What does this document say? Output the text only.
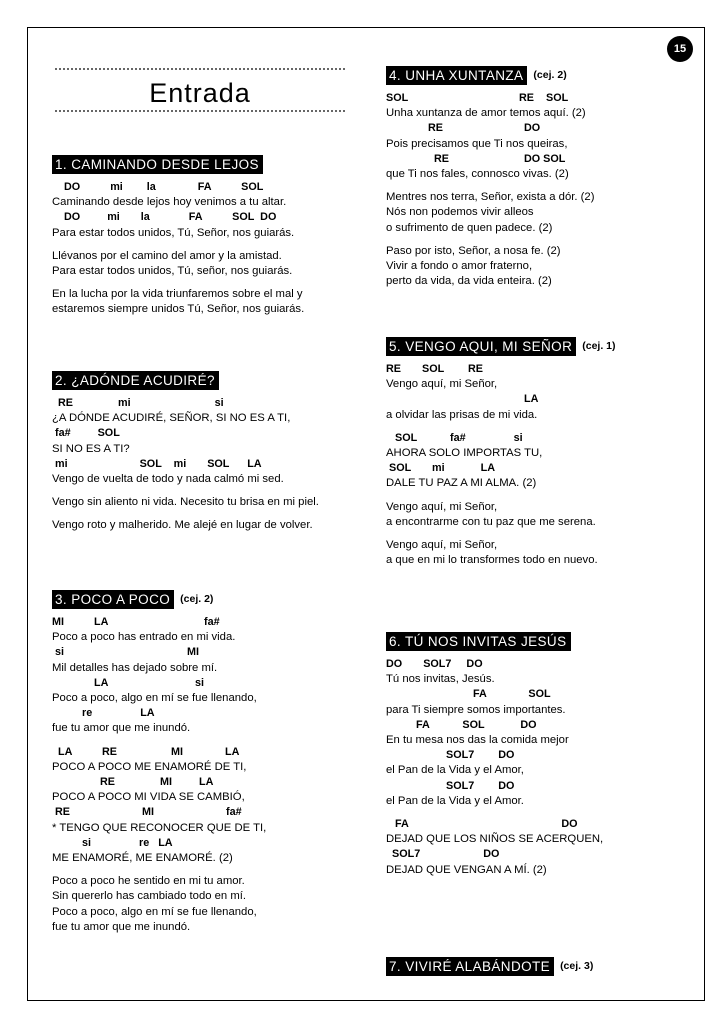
15
Entrada
1. CAMINANDO DESDE LEJOS
DO          mi        la              FA          SOL
Caminando desde lejos hoy venimos a tu altar.
DO         mi       la             FA          SOL  DO
Para estar todos unidos, Tú, Señor, nos guiarás.
Llévanos por el camino del amor y la amistad.
Para estar todos unidos, Tú, señor, nos guiarás.
En la lucha por la vida triunfaremos sobre el mal y
estaremos siempre unidos Tú, Señor, nos guiarás.
2. ¿ADÓNDE ACUDIRÉ?
RE               mi                            si
¿A DÓNDE ACUDIRÉ, SEÑOR, SI NO ES A TI,
fa#         SOL
SI NO ES A TI?
mi                        SOL    mi       SOL      LA
Vengo de vuelta de todo y nada calmó mi sed.
Vengo sin aliento ni vida. Necesito tu brisa en mi piel.
Vengo roto y malherido. Me alejé en lugar de volver.
3. POCO A POCO (cej. 2)
MI          LA                                fa#
Poco a poco has entrado en mi vida.
si                                         MI
Mil detalles has dejado sobre mí.
LA                             si
Poco a poco, algo en mí se fue llenando,
re                LA
fue tu amor que me inundó.
LA          RE                  MI              LA
POCO A POCO ME ENAMORÉ DE TI,
RE               MI         LA
POCO A POCO MI VIDA SE CAMBIÓ,
RE                        MI                        fa#
* TENGO QUE RECONOCER QUE DE TI,
si                re   LA
ME ENAMORÉ, ME ENAMORÉ. (2)
Poco a poco he sentido en mi tu amor.
Sin quererlo has cambiado todo en mí.
Poco a poco, algo en mí se fue llenando,
fue tu amor que me inundó.
4. UNHA XUNTANZA (cej. 2)
SOL                                     RE    SOL
Unha xuntanza de amor temos aquí. (2)
RE                           DO
Pois precisamos que Ti nos queiras,
RE                         DO SOL
que Ti nos fales, connosco vivas. (2)
Mentres nos terra, Señor, exista a dór. (2)
Nós non podemos vivir alleos
o sufrimento de quen padece. (2)
Paso por isto, Señor, a nosa fe. (2)
Vivir a fondo o amor fraterno,
perto da vida, da vida enteira. (2)
5. VENGO AQUI, MI SEÑOR (cej. 1)
RE       SOL        RE
Vengo aquí, mi Señor,
LA
a olvidar las prisas de mi vida.
SOL           fa#                si
AHORA SOLO IMPORTAS TU,
SOL       mi            LA
DALE TU PAZ A MI ALMA. (2)
Vengo aquí, mi Señor,
a encontrarme con tu paz que me serena.
Vengo aquí, mi Señor,
a que en mi lo transformes todo en nuevo.
6. TÚ NOS INVITAS JESÚS
DO       SOL7     DO
Tú nos invitas, Jesús.
FA              SOL
para Ti siempre somos importantes.
FA           SOL            DO
En tu mesa nos das la comida mejor
SOL7        DO
el Pan de la Vida y el Amor,
SOL7        DO
el Pan de la Vida y el Amor.
FA                                                   DO
DEJAD QUE LOS NIÑOS SE ACERQUEN,
SOL7                     DO
DEJAD QUE VENGAN A MÍ. (2)
7. VIVIRÉ ALABÁNDOTE (cej. 3)
